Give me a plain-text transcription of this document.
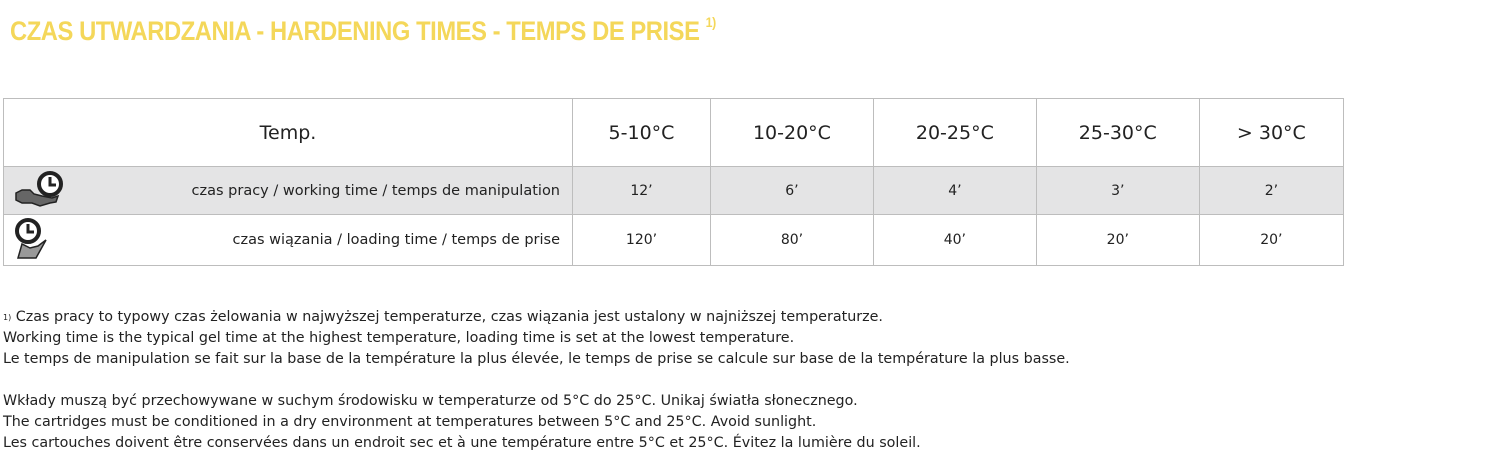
CZAS UTWARDZANIA - HARDENING TIMES - TEMPS DE PRISE $^{1)}$
Temp.	5-10°C	10-20°C	20-25°C	25-30°C	> 30°C

czas pracy / working time / temps de manipulation	12’	6’	4’	3’	2’

czas wiązania / loading time / temps de prise	120’	80’	40’	20’	20’

$^{1)}$ Czas pracy to typowy czas żelowania w najwyższej temperaturze, czas wiązania jest ustalony w najniższej temperaturze.
Working time is the typical gel time at the highest temperature, loading time is set at the lowest temperature.
Le temps de manipulation se fait sur la base de la température la plus élevée, le temps de prise se calcule sur base de la température la plus basse.

Wkłady muszą być przechowywane w suchym środowisku w temperaturze od 5°C do 25°C. Unikaj światła słonecznego.
The cartridges must be conditioned in a dry environment at temperatures between 5°C and 25°C. Avoid sunlight.
Les cartouches doivent être conservées dans un endroit sec et à une température entre 5°C et 25°C. Évitez la lumière du soleil.
